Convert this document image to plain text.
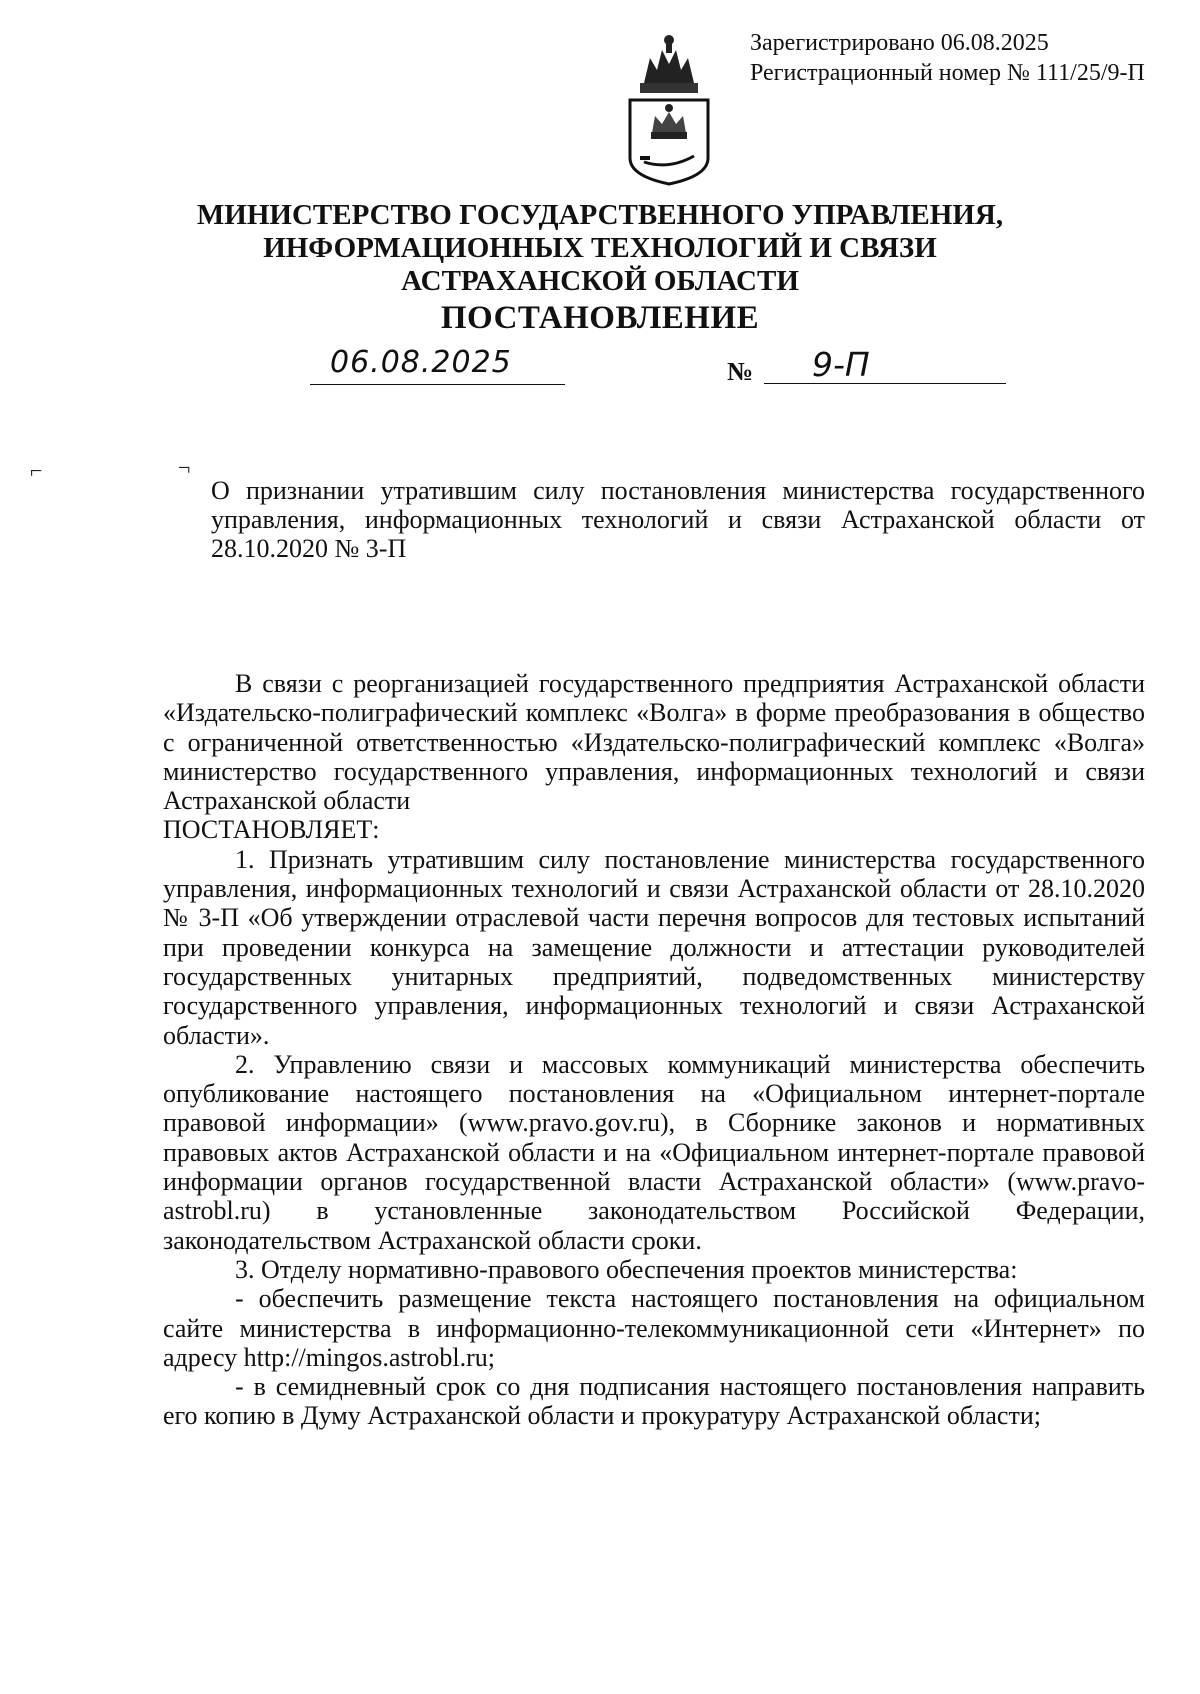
Зарегистрировано 06.08.2025
Регистрационный номер № 111/25/9-П
МИНИСТЕРСТВО ГОСУДАРСТВЕННОГО УПРАВЛЕНИЯ,
ИНФОРМАЦИОННЫХ ТЕХНОЛОГИЙ И СВЯЗИ
АСТРАХАНСКОЙ ОБЛАСТИ
ПОСТАНОВЛЕНИЕ
06.08.2025	№ 9-П
⌐	¬
О признании утратившим силу постановления министерства государственного управления, информационных технологий и связи Астраханской области от 28.10.2020 № 3-П

В связи с реорганизацией государственного предприятия Астраханской области «Издательско-полиграфический комплекс «Волга» в форме преобразования в общество с ограниченной ответственностью «Издательско-полиграфический комплекс «Волга» министерство государственного управления, информационных технологий и связи Астраханской области

ПОСТАНОВЛЯЕТ:

1. Признать утратившим силу постановление министерства государственного управления, информационных технологий и связи Астраханской области от 28.10.2020 № 3-П «Об утверждении отраслевой части перечня вопросов для тестовых испытаний при проведении конкурса на замещение должности и аттестации руководителей государственных унитарных предприятий, подведомственных министерству государственного управления, информационных технологий и связи Астраханской области».

2. Управлению связи и массовых коммуникаций министерства обеспечить опубликование настоящего постановления на «Официальном интернет-портале правовой информации» (www.pravo.gov.ru), в Сборнике законов и нормативных правовых актов Астраханской области и на «Официальном интернет-портале правовой информации органов государственной власти Астраханской области» (www.pravo-astrobl.ru) в установленные законодательством Российской Федерации, законодательством Астраханской области сроки.

3. Отделу нормативно-правового обеспечения проектов министерства:

- обеспечить размещение текста настоящего постановления на официальном сайте министерства в информационно-телекоммуникационной сети «Интернет» по адресу http://mingos.astrobl.ru;

- в семидневный срок со дня подписания настоящего постановления направить его копию в Думу Астраханской области и прокуратуру Астраханской области;
